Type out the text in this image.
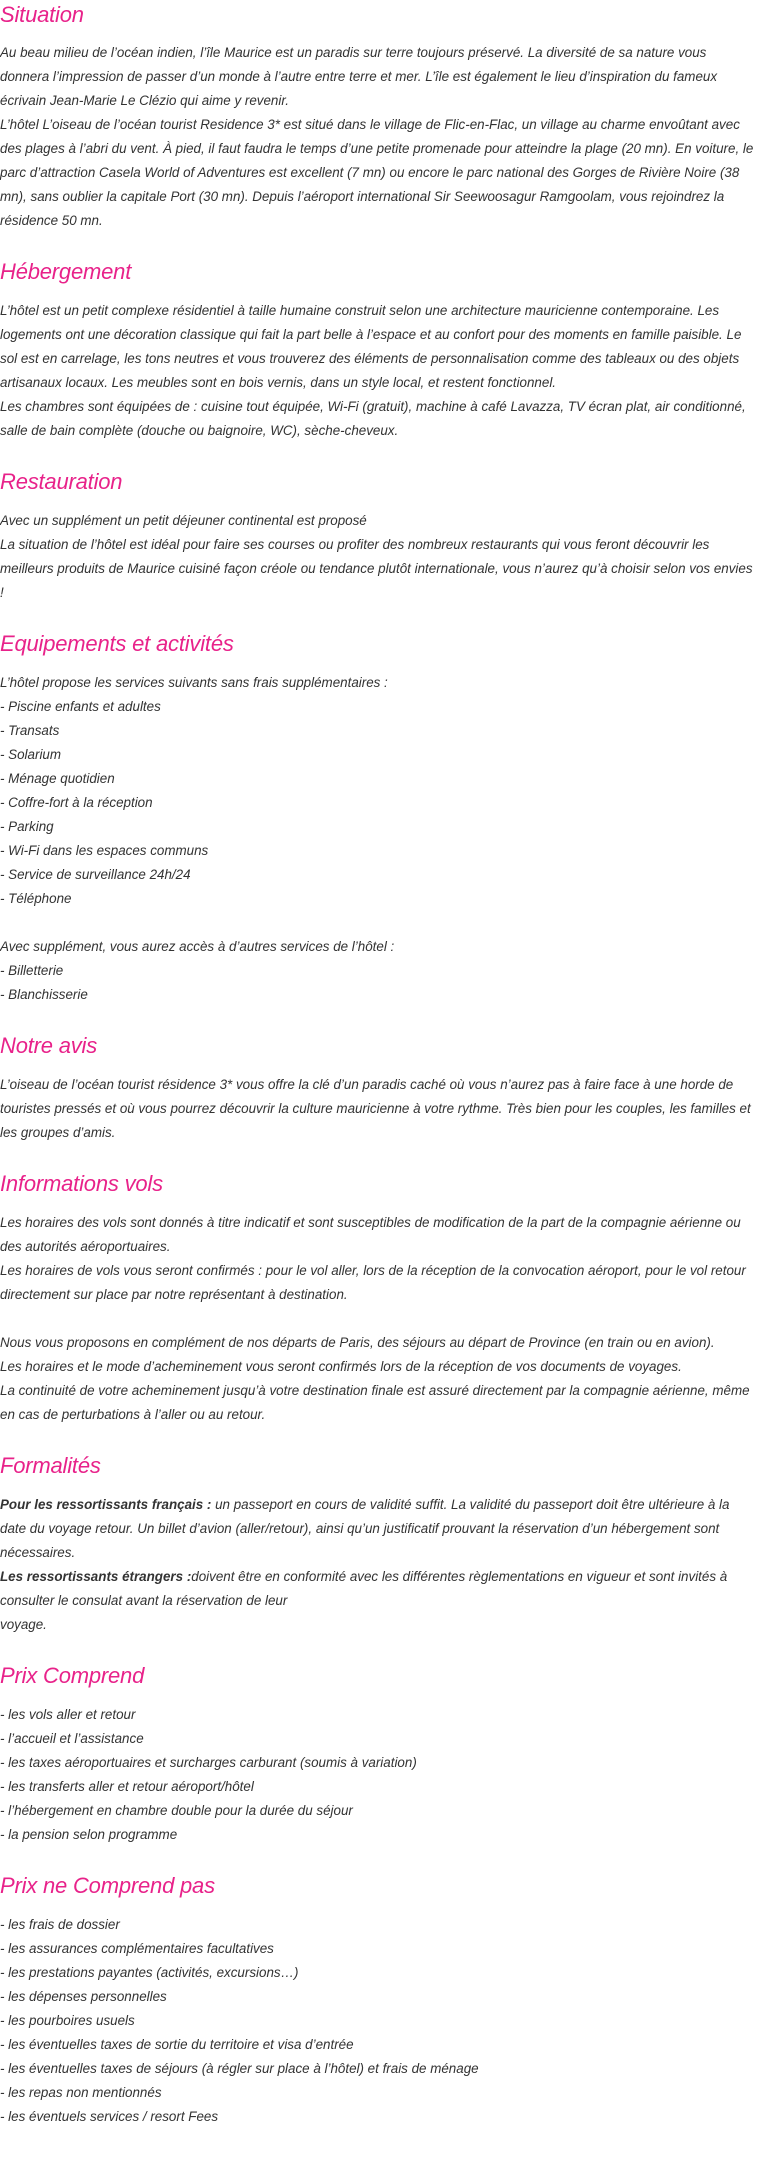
Situation
Au beau milieu de l’océan indien, l’île Maurice est un paradis sur terre toujours préservé. La diversité de sa nature vous donnera l’impression de passer d’un monde à l’autre entre terre et mer. L’île est également le lieu d’inspiration du fameux écrivain Jean-Marie Le Clézio qui aime y revenir.
L’hôtel L’oiseau de l’océan tourist Residence 3* est situé dans le village de Flic-en-Flac, un village au charme envoûtant avec des plages à l’abri du vent. À pied, il faut faudra le temps d’une petite promenade pour atteindre la plage (20 mn). En voiture, le parc d’attraction Casela World of Adventures est excellent (7 mn) ou encore le parc national des Gorges de Rivière Noire (38 mn), sans oublier la capitale Port (30 mn). Depuis l’aéroport international Sir Seewoosagur Ramgoolam, vous rejoindrez la résidence 50 mn.
Hébergement
L’hôtel est un petit complexe résidentiel à taille humaine construit selon une architecture mauricienne contemporaine. Les logements ont une décoration classique qui fait la part belle à l’espace et au confort pour des moments en famille paisible. Le sol est en carrelage, les tons neutres et vous trouverez des éléments de personnalisation comme des tableaux ou des objets artisanaux locaux. Les meubles sont en bois vernis, dans un style local, et restent fonctionnel.
Les chambres sont équipées de : cuisine tout équipée, Wi-Fi (gratuit), machine à café Lavazza, TV écran plat, air conditionné, salle de bain complète (douche ou baignoire, WC), sèche-cheveux.
Restauration
Avec un supplément un petit déjeuner continental est proposé
La situation de l’hôtel est idéal pour faire ses courses ou profiter des nombreux restaurants qui vous feront découvrir les meilleurs produits de Maurice cuisiné façon créole ou tendance plutôt internationale, vous n’aurez qu’à choisir selon vos envies !
Equipements et activités
L’hôtel propose les services suivants sans frais supplémentaires :
- Piscine enfants et adultes
- Transats
- Solarium
- Ménage quotidien
- Coffre-fort à la réception
- Parking
- Wi-Fi dans les espaces communs
- Service de surveillance 24h/24
- Téléphone
Avec supplément, vous aurez accès à d’autres services de l’hôtel :
- Billetterie
- Blanchisserie
Notre avis
L’oiseau de l’océan tourist résidence 3* vous offre la clé d’un paradis caché où vous n’aurez pas à faire face à une horde de touristes pressés et où vous pourrez découvrir la culture mauricienne à votre rythme. Très bien pour les couples, les familles et les groupes d’amis.
Informations vols
Les horaires des vols sont donnés à titre indicatif et sont susceptibles de modification de la part de la compagnie aérienne ou des autorités aéroportuaires.
Les horaires de vols vous seront confirmés : pour le vol aller, lors de la réception de la convocation aéroport, pour le vol retour directement sur place par notre représentant à destination.
Nous vous proposons en complément de nos départs de Paris, des séjours au départ de Province (en train ou en avion).
Les horaires et le mode d’acheminement vous seront confirmés lors de la réception de vos documents de voyages.
La continuité de votre acheminement jusqu’à votre destination finale est assuré directement par la compagnie aérienne, même en cas de perturbations à l’aller ou au retour.
Formalités
Pour les ressortissants français : un passeport en cours de validité suffit. La validité du passeport doit être ultérieure à la date du voyage retour. Un billet d’avion (aller/retour), ainsi qu’un justificatif prouvant la réservation d’un hébergement sont nécessaires.
Les ressortissants étrangers :doivent être en conformité avec les différentes règlementations en vigueur et sont invités à consulter le consulat avant la réservation de leur
voyage.
Prix Comprend
- les vols aller et retour
- l’accueil et l’assistance
- les taxes aéroportuaires et surcharges carburant (soumis à variation)
- les transferts aller et retour aéroport/hôtel
- l’hébergement en chambre double pour la durée du séjour
- la pension selon programme
Prix ne Comprend pas
- les frais de dossier
- les assurances complémentaires facultatives
- les prestations payantes (activités, excursions…)
- les dépenses personnelles
- les pourboires usuels
- les éventuelles taxes de sortie du territoire et visa d’entrée
- les éventuelles taxes de séjours (à régler sur place à l’hôtel) et frais de ménage
- les repas non mentionnés
- les éventuels services / resort Fees
